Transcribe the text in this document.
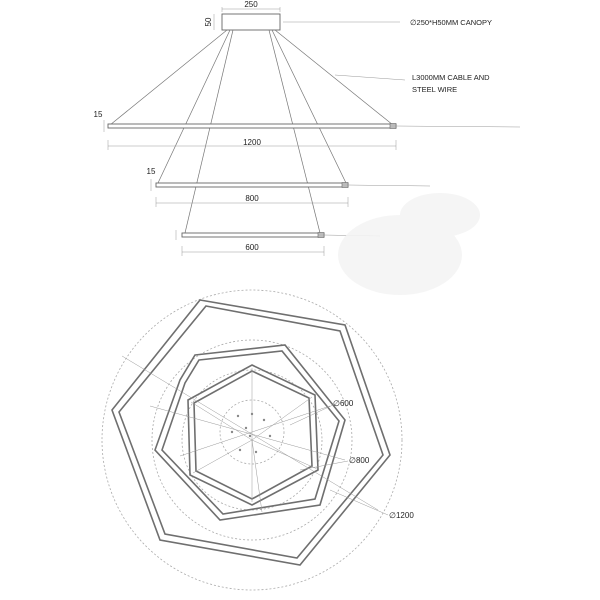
250
50	∅250*H50MM CANOPY
L3000MM CABLE AND
STEEL WIRE
15
1200
15
800
600
∅600
∅800
∅1200
